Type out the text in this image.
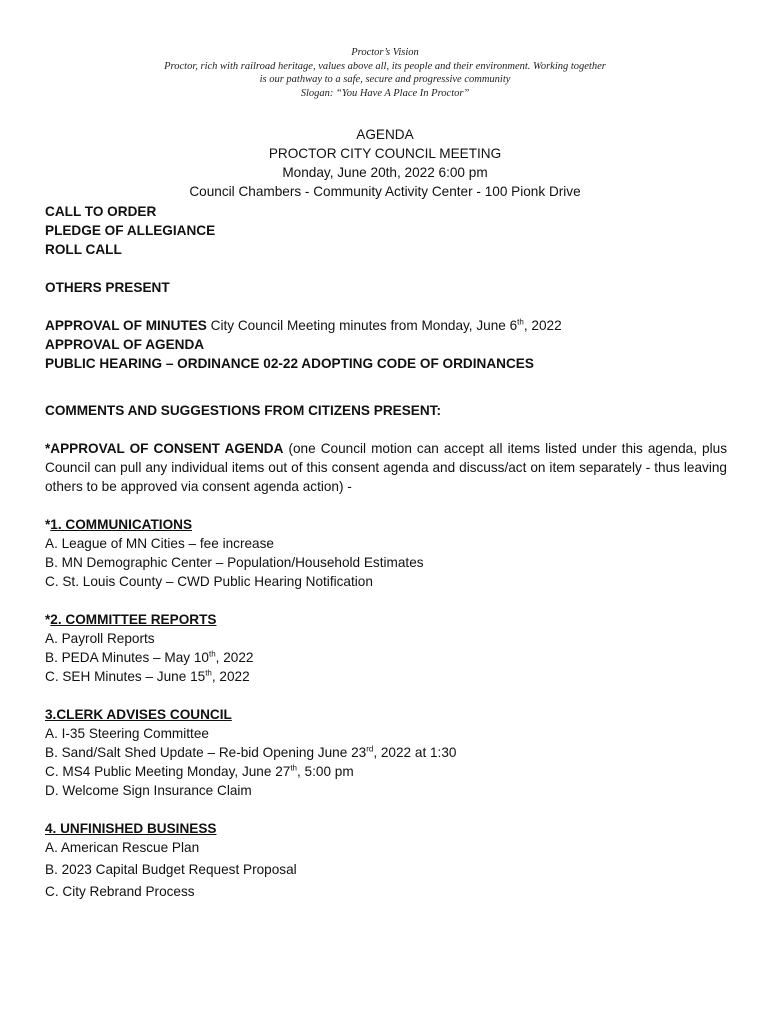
Proctor’s Vision
Proctor, rich with railroad heritage, values above all, its people and their environment. Working together
is our pathway to a safe, secure and progressive community
Slogan: “You Have A Place In Proctor”
AGENDA
PROCTOR CITY COUNCIL MEETING
Monday, June 20th, 2022 6:00 pm
Council Chambers - Community Activity Center - 100 Pionk Drive
CALL TO ORDER
PLEDGE OF ALLEGIANCE
ROLL CALL
OTHERS PRESENT
APPROVAL OF MINUTES City Council Meeting minutes from Monday, June 6th, 2022
APPROVAL OF AGENDA
PUBLIC HEARING – ORDINANCE 02-22 ADOPTING CODE OF ORDINANCES
COMMENTS AND SUGGESTIONS FROM CITIZENS PRESENT:
*APPROVAL OF CONSENT AGENDA (one Council motion can accept all items listed under this agenda, plus Council can pull any individual items out of this consent agenda and discuss/act on item separately - thus leaving others to be approved via consent agenda action) -
*1. COMMUNICATIONS
A. League of MN Cities – fee increase
B. MN Demographic Center – Population/Household Estimates
C. St. Louis County – CWD Public Hearing Notification
*2. COMMITTEE REPORTS
A. Payroll Reports
B. PEDA Minutes – May 10th, 2022
C. SEH Minutes – June 15th, 2022
3.CLERK ADVISES COUNCIL
A. I-35 Steering Committee
B. Sand/Salt Shed Update – Re-bid Opening June 23rd, 2022 at 1:30
C. MS4 Public Meeting Monday, June 27th, 5:00 pm
D. Welcome Sign Insurance Claim
4. UNFINISHED BUSINESS
A. American Rescue Plan
B. 2023 Capital Budget Request Proposal
C. City Rebrand Process
